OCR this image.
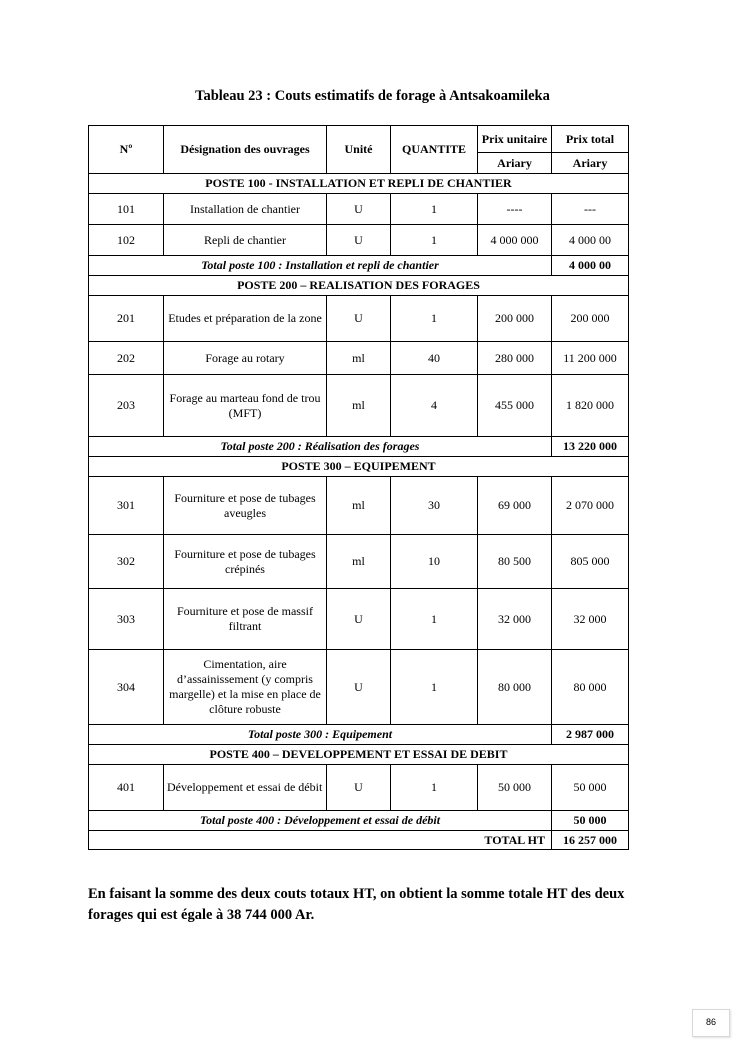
Tableau 23 : Couts estimatifs de forage à Antsakoamileka
Nº	Désignation des ouvrages	Unité	QUANTITE	Prix unitaire	Prix total
				Ariary	Ariary
POSTE 100 - INSTALLATION ET REPLI DE CHANTIER					
101	Installation de chantier	U	1	----	---
102	Repli de chantier	U	1	4 000 000	4 000 00
Total poste 100 : Installation et repli de chantier					4 000 00
POSTE 200 – REALISATION DES FORAGES					
201	Etudes et préparation de la zone	U	1	200 000	200 000
202	Forage au rotary	ml	40	280 000	11 200 000
203	Forage au marteau fond de trou (MFT)	ml	4	455 000	1 820 000
Total poste 200 : Réalisation des forages					13 220 000
POSTE 300 – EQUIPEMENT					
301	Fourniture et pose de tubages aveugles	ml	30	69 000	2 070 000
302	Fourniture et pose de tubages crépinés	ml	10	80 500	805 000
303	Fourniture et pose de massif filtrant	U	1	32 000	32 000
304	Cimentation, aire d’assainissement (y compris margelle) et la mise en place de clôture robuste	U	1	80 000	80 000
Total poste 300 : Equipement					2 987 000
POSTE 400 – DEVELOPPEMENT ET ESSAI DE DEBIT					
401	Développement et essai de débit	U	1	50 000	50 000
Total poste 400 : Développement et essai de débit					50 000
TOTAL HT					16 257 000
En faisant la somme des deux couts totaux HT, on obtient la somme totale HT des deux forages qui est égale à 38 744 000 Ar.
86
